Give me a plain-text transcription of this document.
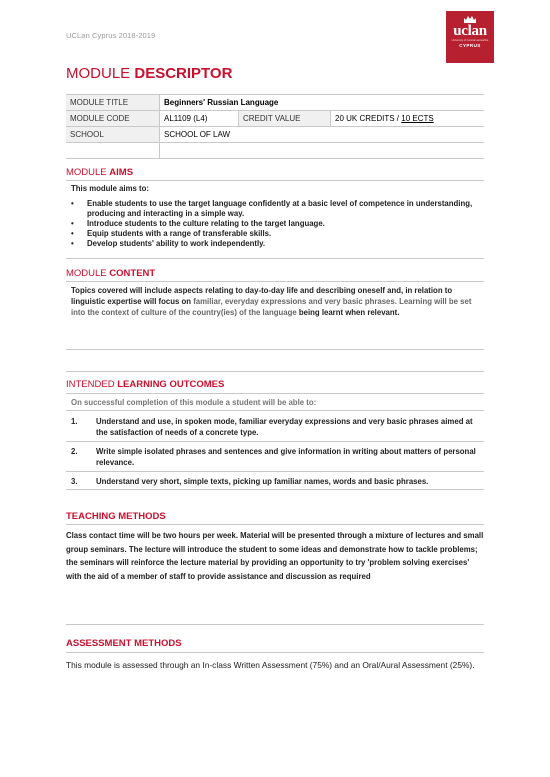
UCLan Cyprus 2018-2019	uclan
University of Central Lancashire
CYPRUS
MODULE DESCRIPTOR
MODULE TITLE	Beginners' Russian Language		
MODULE CODE	AL1109 (L4)	CREDIT VALUE	20 UK CREDITS / 10 ECTS
SCHOOL	SCHOOL OF LAW		

MODULE AIMS
This module aims to:
• Enable students to use the target language confidently at a basic level of competence in understanding, producing and interacting in a simple way.
• Introduce students to the culture relating to the target language.
• Equip students with a range of transferable skills.
• Develop students' ability to work independently.
MODULE CONTENT
Topics covered will include aspects relating to day-to-day life and describing oneself and, in relation to linguistic expertise will focus on familiar, everyday expressions and very basic phrases. Learning will be set into the context of culture of the country(ies) of the language being learnt when relevant.
INTENDED LEARNING OUTCOMES
On successful completion of this module a student will be able to:
1. Understand and use, in spoken mode, familiar everyday expressions and very basic phrases aimed at the satisfaction of needs of a concrete type.
2. Write simple isolated phrases and sentences and give information in writing about matters of personal relevance.
3. Understand very short, simple texts, picking up familiar names, words and basic phrases.
TEACHING METHODS
Class contact time will be two hours per week. Material will be presented through a mixture of lectures and small group seminars. The lecture will introduce the student to some ideas and demonstrate how to tackle problems; the seminars will reinforce the lecture material by providing an opportunity to try 'problem solving exercises' with the aid of a member of staff to provide assistance and discussion as required
ASSESSMENT METHODS
This module is assessed through an In-class Written Assessment (75%) and an Oral/Aural Assessment (25%).
